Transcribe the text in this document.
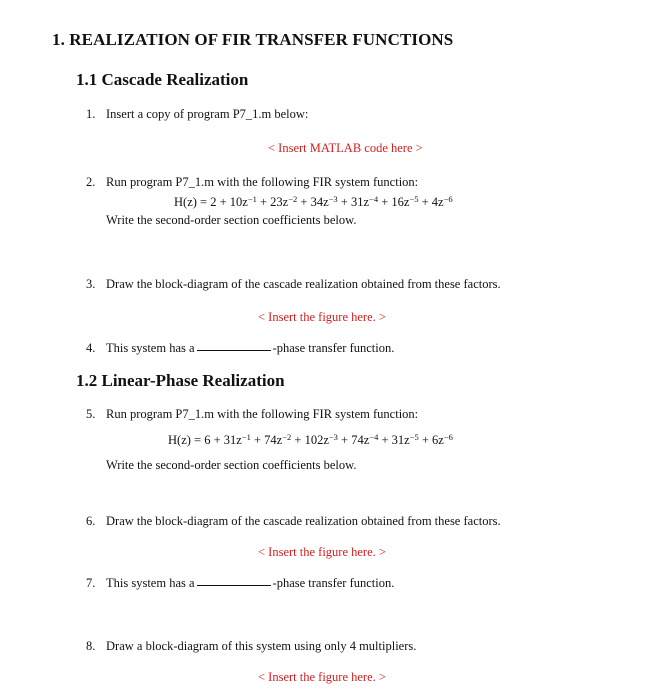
1. REALIZATION OF FIR TRANSFER FUNCTIONS
1.1 Cascade Realization
1. Insert a copy of program P7_1.m below:
< Insert MATLAB code here >
2. Run program P7_1.m with the following FIR system function:
$H(z) = 2 + 10z^{-1} + 23z^{-2} + 34z^{-3} + 31z^{-4} + 16z^{-5} + 4z^{-6}$
Write the second-order section coefficients below.
3. Draw the block-diagram of the cascade realization obtained from these factors.
< Insert the figure here. >
4. This system has a	-phase transfer function.
1.2 Linear-Phase Realization
5. Run program P7_1.m with the following FIR system function:
$H(z) = 6 + 31z^{-1} + 74z^{-2} + 102z^{-3} + 74z^{-4} + 31z^{-5} + 6z^{-6}$
Write the second-order section coefficients below.
6. Draw the block-diagram of the cascade realization obtained from these factors.
< Insert the figure here. >
7. This system has a	-phase transfer function.
8. Draw a block-diagram of this system using only 4 multipliers.
< Insert the figure here. >
